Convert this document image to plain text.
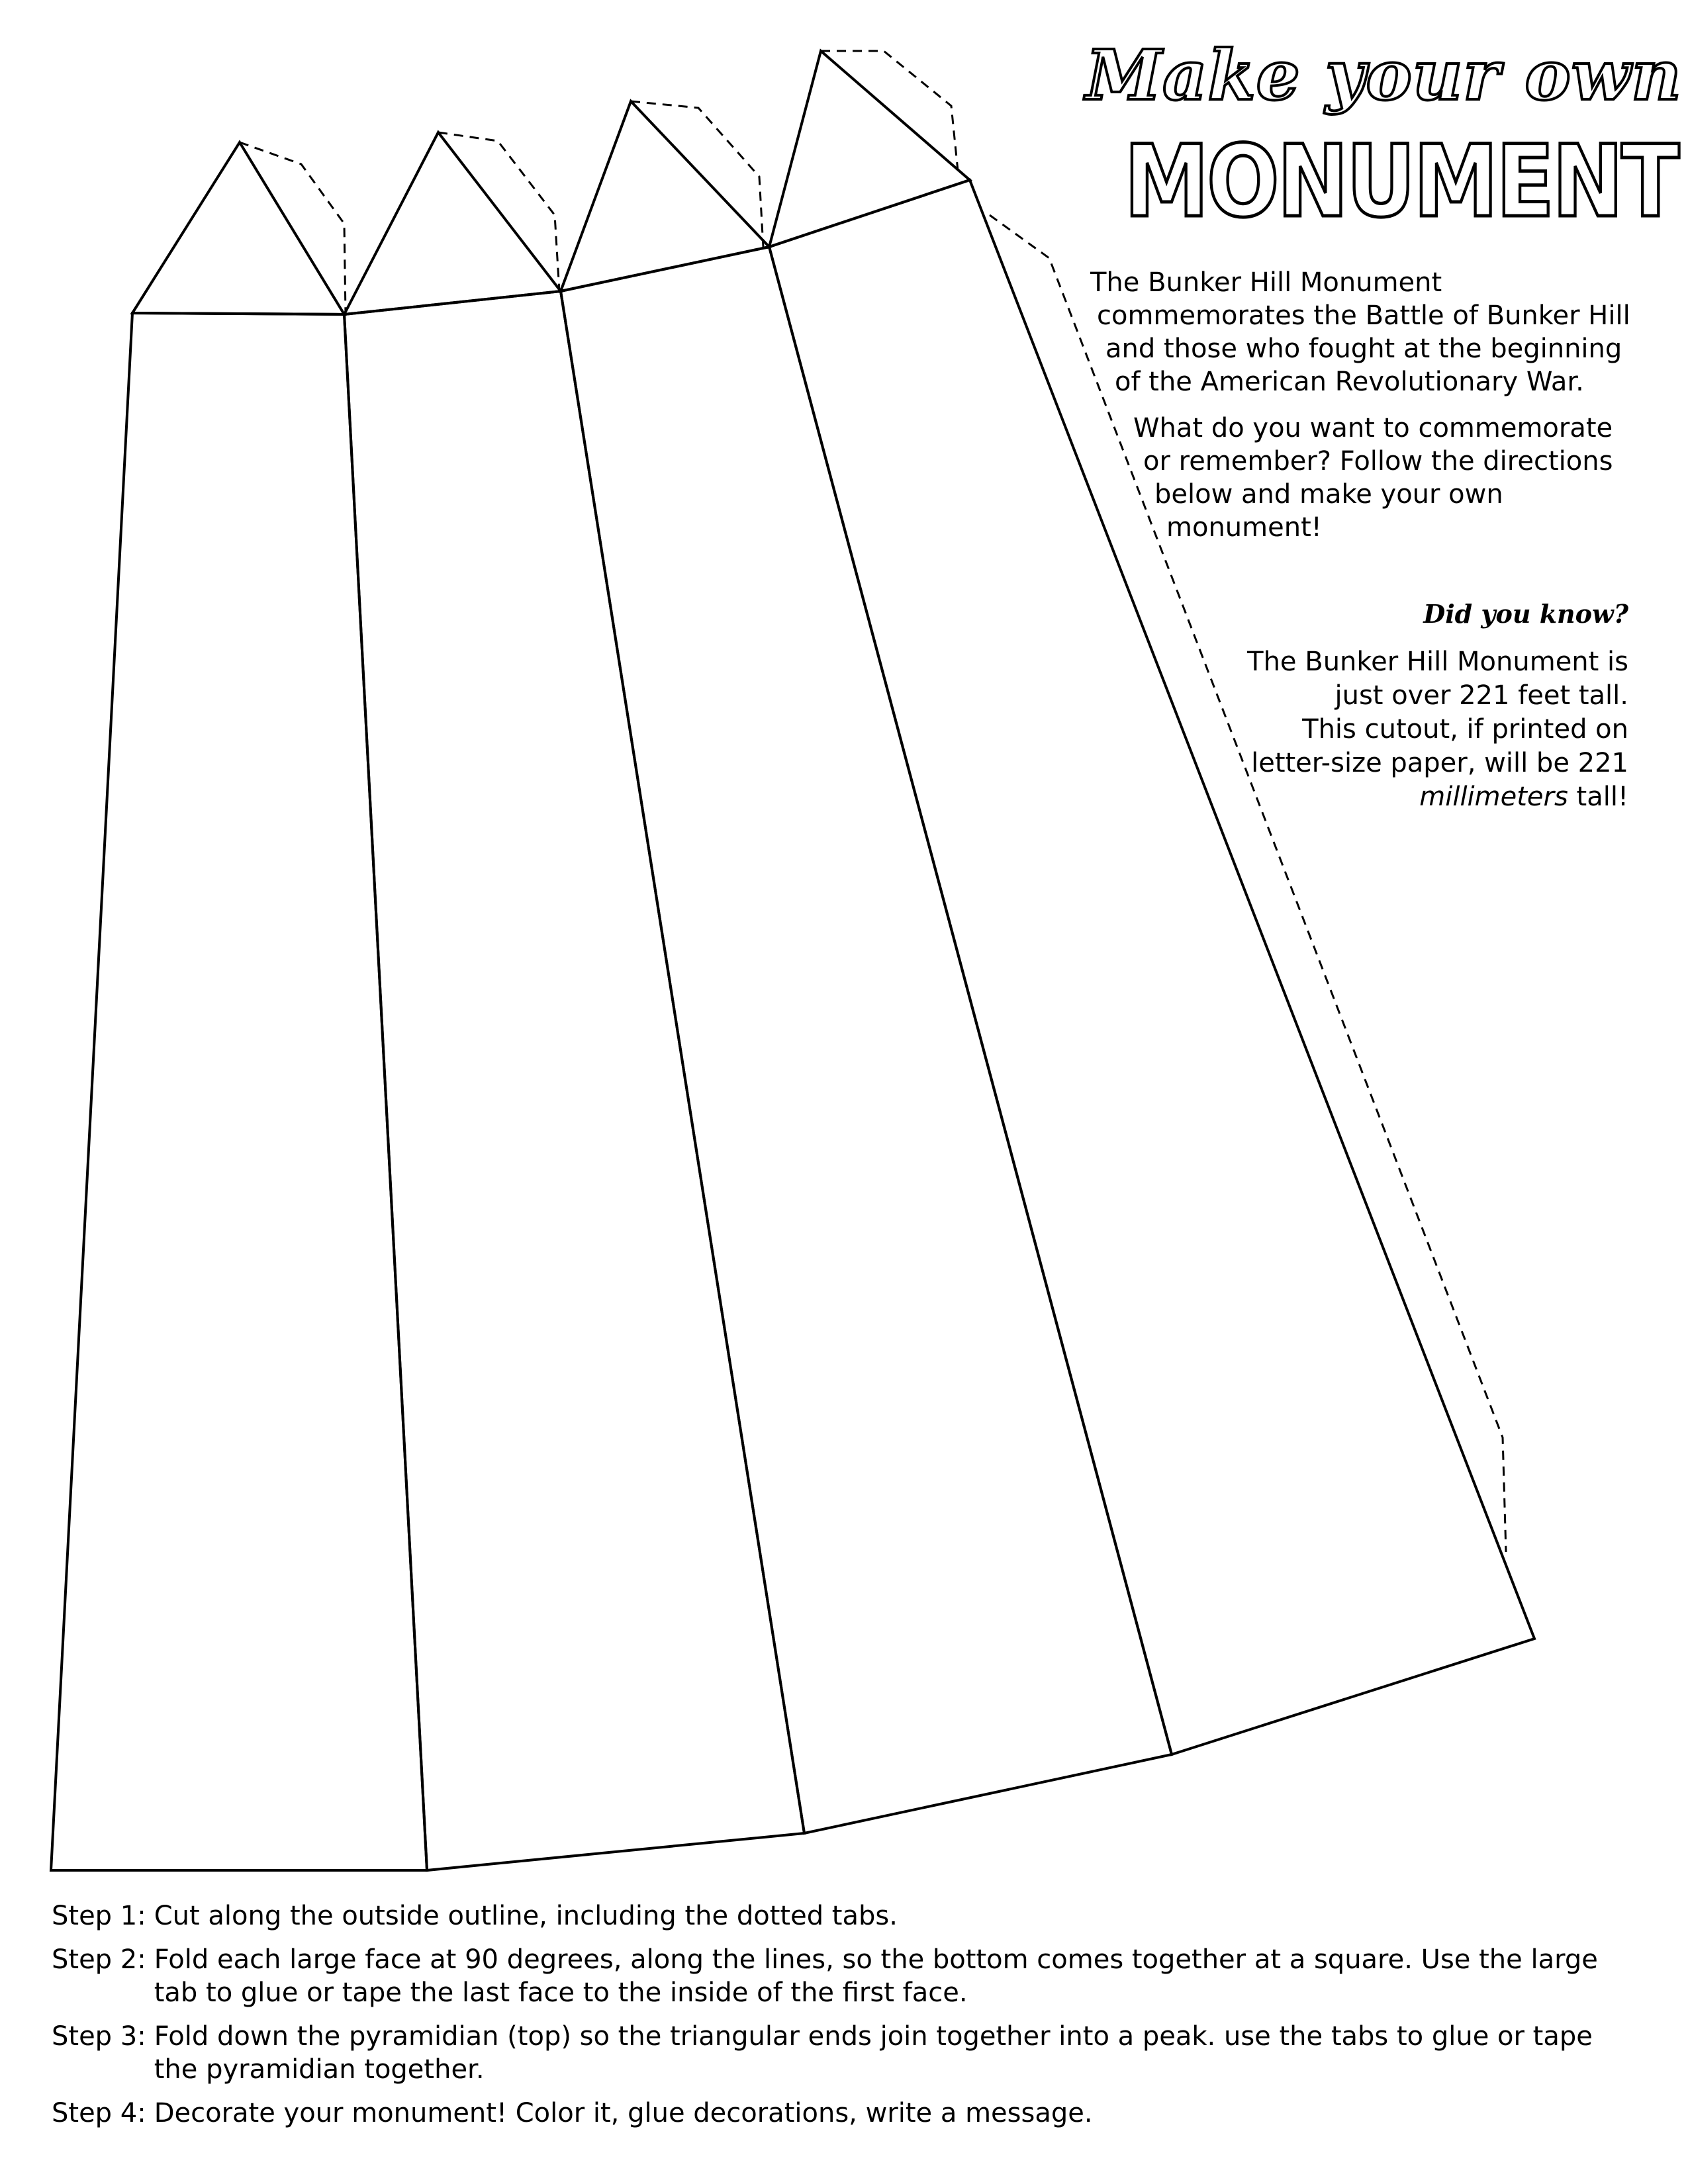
Make your own
MONUMENT
The Bunker Hill Monument
commemorates the Battle of Bunker Hill
and those who fought at the beginning
of the American Revolutionary War.
What do you want to commemorate
or remember? Follow the directions
below and make your own
monument!
Did you know?
The Bunker Hill Monument is
just over 221 feet tall.
This cutout, if printed on
letter-size paper, will be 221
millimeters tall!
Step 1: Cut along the outside outline, including the dotted tabs.
Step 2: Fold each large face at 90 degrees, along the lines, so the bottom comes together at a square. Use the large tab to glue or tape the last face to the inside of the first face.
Step 3: Fold down the pyramidian (top) so the triangular ends join together into a peak. use the tabs to glue or tape the pyramidian together.
Step 4: Decorate your monument! Color it, glue decorations, write a message.
